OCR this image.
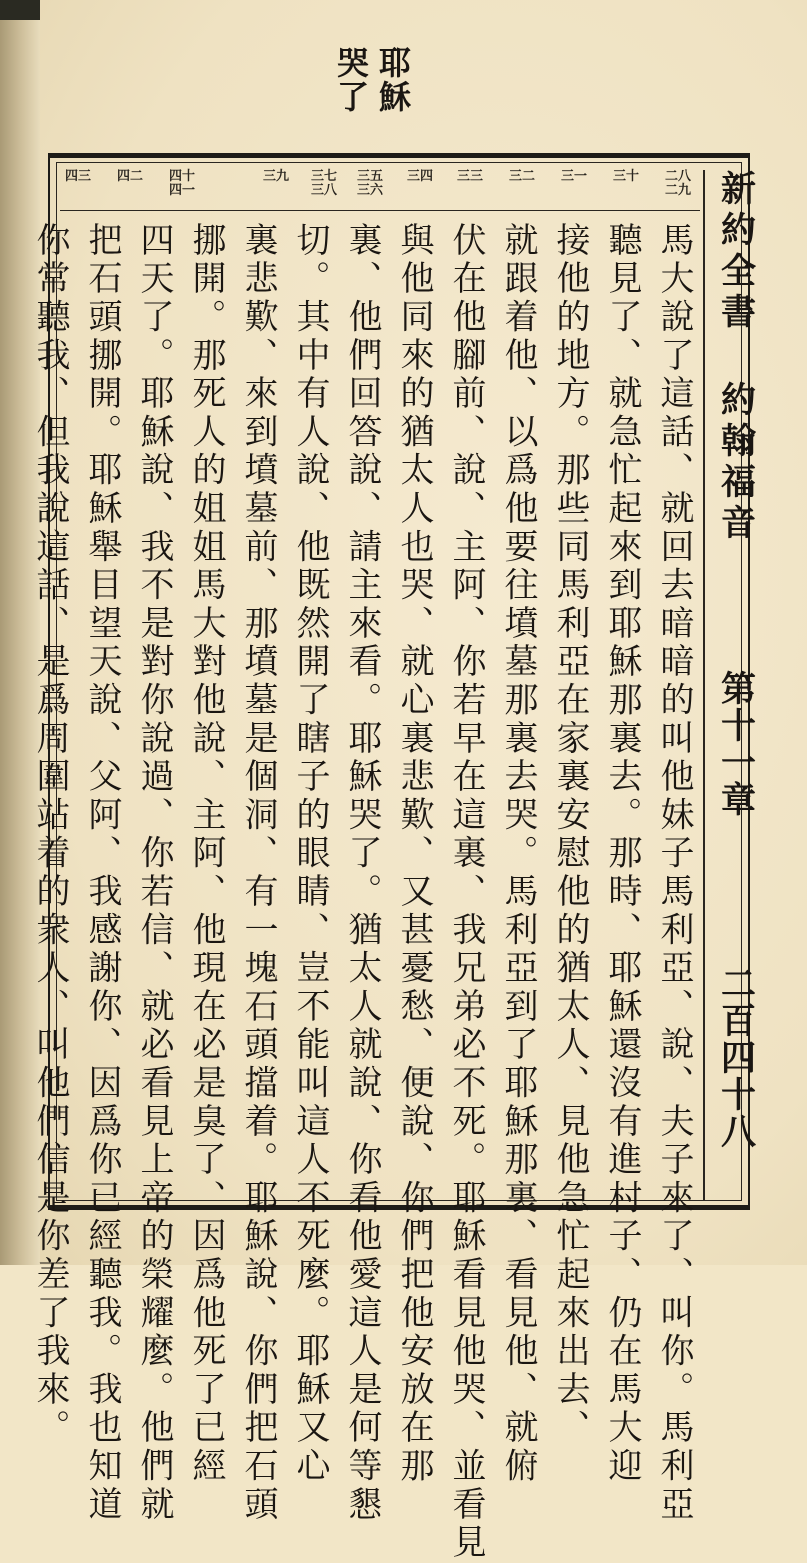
耶穌
哭了
新約全書 約翰福音
第十一章
二百四十八
二八
二九
三十
三一
三二
三三
三四
三五
三六
三七
三八
三九
四十
四一
四二
四三
馬大說了這話、就回去暗暗的叫他妹子馬利亞、說、夫子來了、叫你。馬利亞
聽見了、就急忙起來到耶穌那裏去。那時、耶穌還沒有進村子、仍在馬大迎
接他的地方。那些同馬利亞在家裏安慰他的猶太人、見他急忙起來出去、
就跟着他、以爲他要往墳墓那裏去哭。馬利亞到了耶穌那裏、看見他、就俯
伏在他腳前、說、主阿、你若早在這裏、我兄弟必不死。耶穌看見他哭、並看見
與他同來的猶太人也哭、就心裏悲歎、又甚憂愁、便說、你們把他安放在那
裏、他們回答說、請主來看。耶穌哭了。猶太人就說、你看他愛這人是何等懇
切。其中有人說、他既然開了瞎子的眼睛、豈不能叫這人不死麼。耶穌又心
裏悲歎、來到墳墓前、那墳墓是個洞、有一塊石頭擋着。耶穌說、你們把石頭
挪開。那死人的姐姐馬大對他說、主阿、他現在必是臭了、因爲他死了已經
四天了。耶穌說、我不是對你說過、你若信、就必看見上帝的榮耀麼。他們就
把石頭挪開。耶穌舉目望天說、父阿、我感謝你、因爲你已經聽我。我也知道
你常聽我、但我說這話、是爲周圍站着的衆人、叫他們信是你差了我來。
